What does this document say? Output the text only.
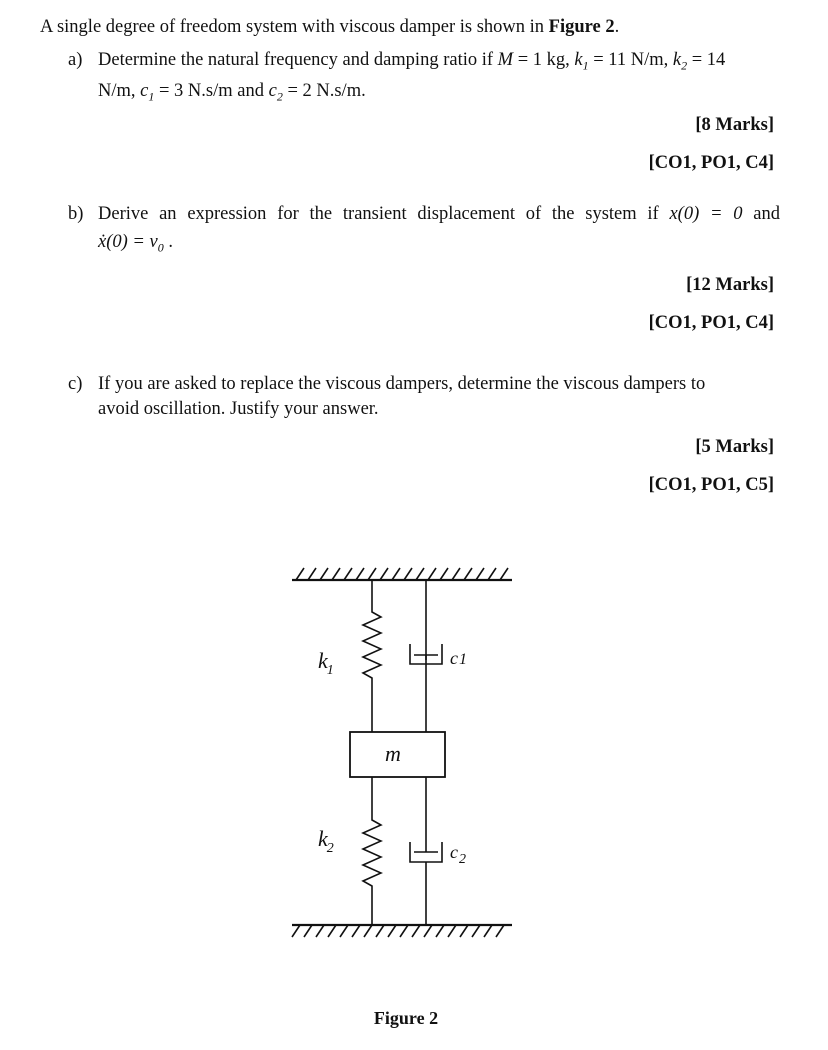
A single degree of freedom system with viscous damper is shown in Figure 2.
a) Determine the natural frequency and damping ratio if M = 1 kg, $k_1 = 11$ N/m, $k_2 = 14$
N/m, $c_1 = 3$ N.s/m and $c_2 = 2$ N.s/m.
[8 Marks]
[CO1, PO1, C4]
b) Derive an expression for the transient displacement of the system if x(0) = 0 and
ẋ(0) = $v_0$ .
[12 Marks]
[CO1, PO1, C4]
c) If you are asked to replace the viscous dampers, determine the viscous dampers to
avoid oscillation. Justify your answer.
[5 Marks]
[CO1, PO1, C5]
k1
c1
m
k2	$c_2$
Figure 2
